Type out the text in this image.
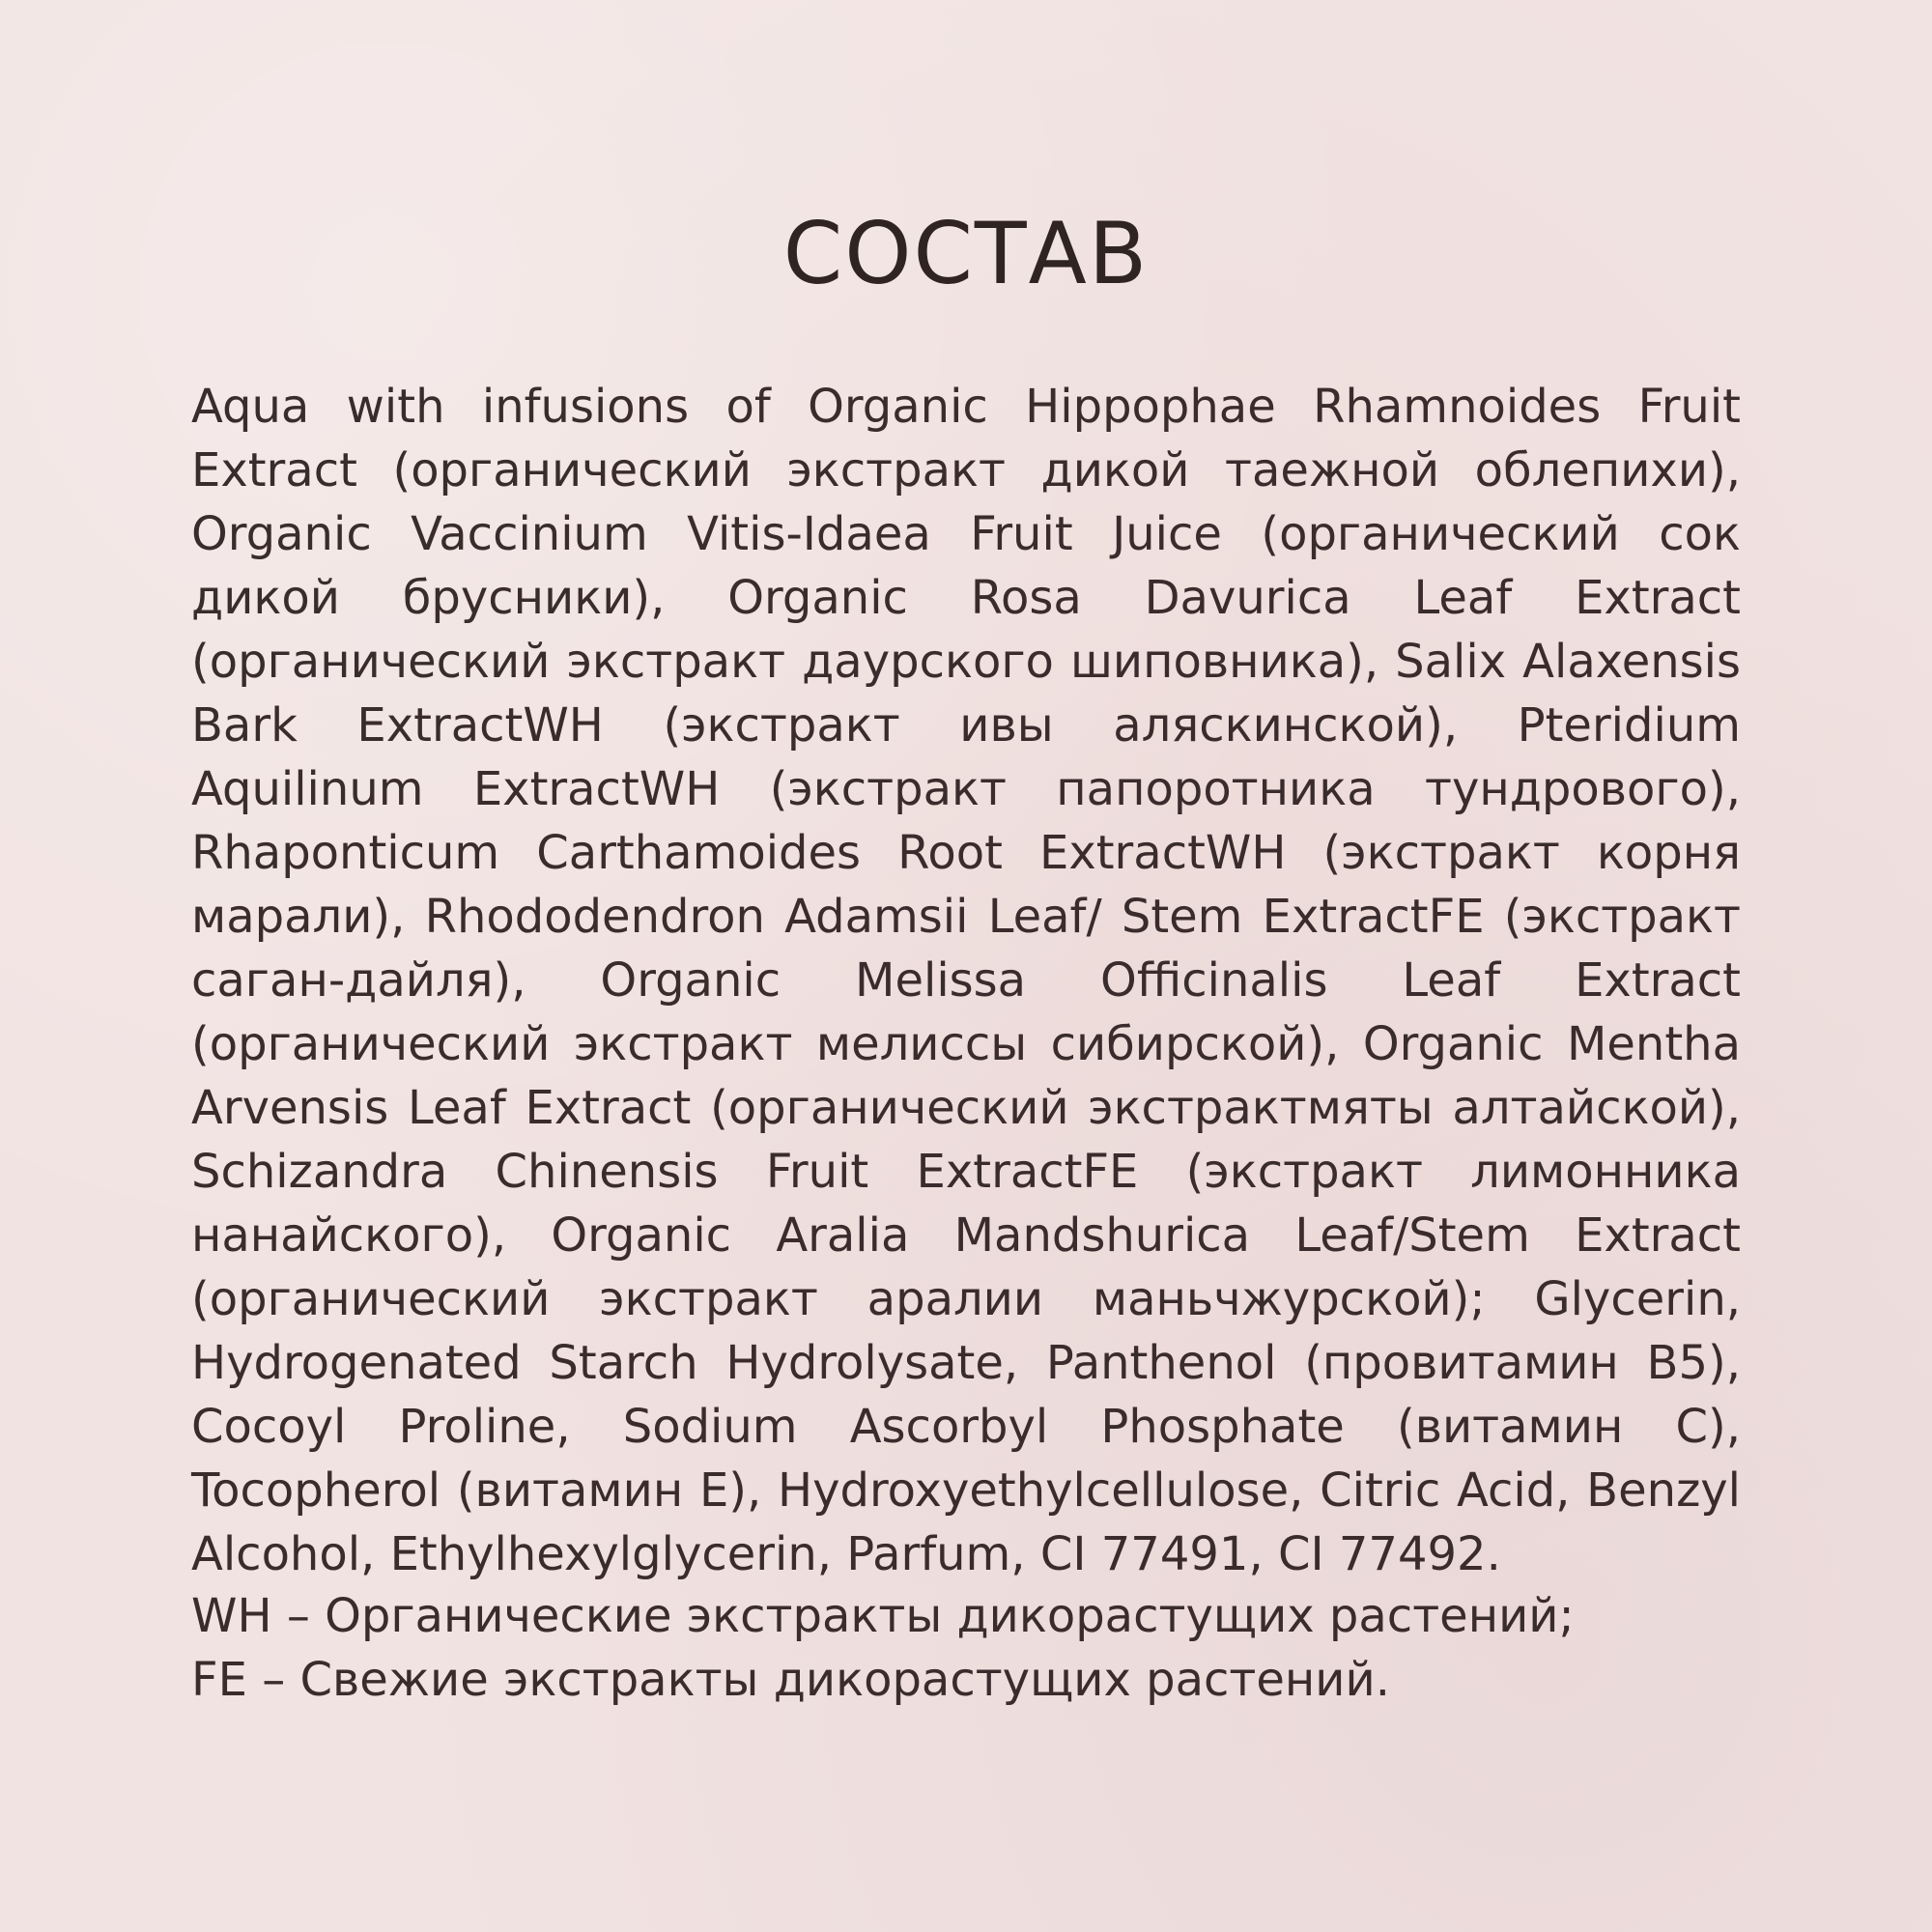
СОСТАВ

Aqua with infusions of Organic Hippophae Rhamnoides Fruit Extract (органический экстракт дикой таежной облепихи), Organic Vaccinium Vitis-Idaea Fruit Juice (органический сок дикой брусники), Organic Rosa Davurica Leaf Extract (органический экстракт даурского шиповника), Salix Alaxensis Bark ExtractWH (экстракт ивы аляскинской), Pteridium Aquilinum ExtractWH (экстракт папоротника тундрового), Rhaponticum Carthamoides Root ExtractWH (экстракт корня марали), Rhododendron Adamsii Leaf/ Stem ExtractFE (экстракт саган-дайля), Organic Melissa Officinalis Leaf Extract (органический экстракт мелиссы сибирской), Organic Mentha Arvensis Leaf Extract (органический экстрактмяты алтайской), Schizandra Chinensis Fruit ExtractFE (экстракт лимонника нанайского), Organic Aralia Mandshurica Leaf/Stem Extract (органический экстракт аралии маньчжурской); Glycerin, Hydrogenated Starch Hydrolysate, Panthenol (провитамин B5), Cocoyl Proline, Sodium Ascorbyl Phosphate (витамин C), Tocopherol (витамин E), Hydroxyethylcellulose, Citric Acid, Benzyl Alcohol, Ethylhexylglycerin, Parfum, CI 77491, CI 77492.

WH – Органические экстракты дикорастущих растений;
FE – Свежие экстракты дикорастущих растений.
